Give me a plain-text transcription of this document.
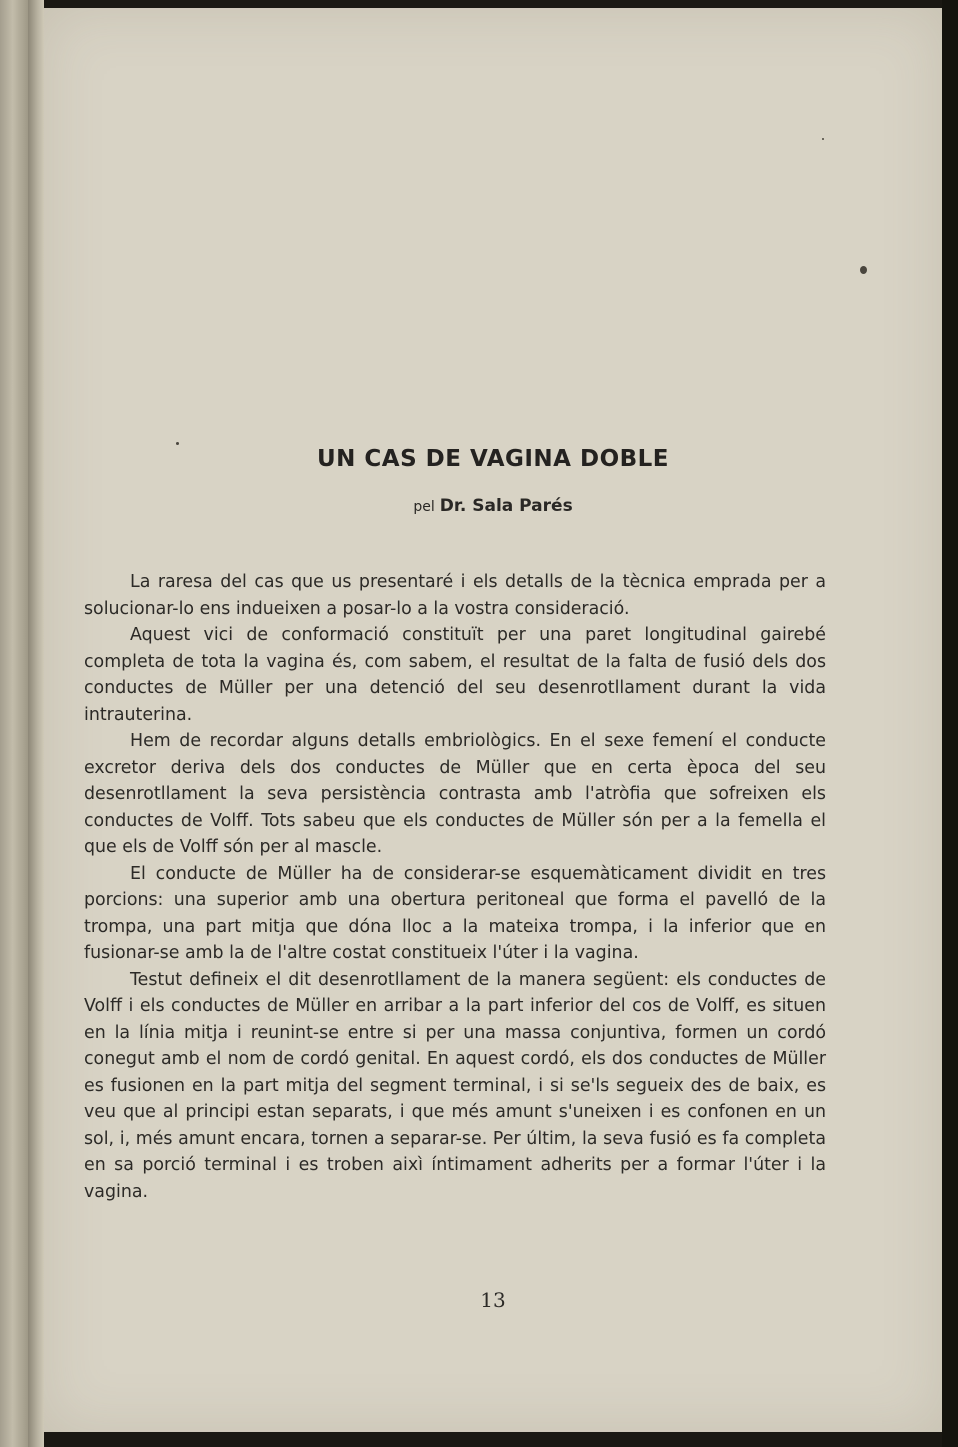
UN CAS DE VAGINA DOBLE
pel Dr. Sala Parés

La raresa del cas que us presentaré i els detalls de la tècnica emprada per a solucionar-lo ens indueixen a posar-lo a la vostra consideració.

Aquest vici de conformació constituït per una paret longitudinal gairebé completa de tota la vagina és, com sabem, el resultat de la falta de fusió dels dos conductes de Müller per una detenció del seu desenrotllament durant la vida intrauterina.

Hem de recordar alguns detalls embriològics. En el sexe femení el conducte excretor deriva dels dos conductes de Müller que en certa època del seu desenrotllament la seva persistència contrasta amb l'atròfia que sofreixen els conductes de Volff. Tots sabeu que els conductes de Müller són per a la femella el que els de Volff són per al mascle.

El conducte de Müller ha de considerar-se esquemàticament dividit en tres porcions: una superior amb una obertura peritoneal que forma el pavelló de la trompa, una part mitja que dóna lloc a la mateixa trompa, i la inferior que en fusionar-se amb la de l'altre costat constitueix l'úter i la vagina.

Testut defineix el dit desenrotllament de la manera següent: els conductes de Volff i els conductes de Müller en arribar a la part inferior del cos de Volff, es situen en la línia mitja i reunint-se entre si per una massa conjuntiva, formen un cordó conegut amb el nom de cordó genital. En aquest cordó, els dos conductes de Müller es fusionen en la part mitja del segment terminal, i si se'ls segueix des de baix, es veu que al principi estan separats, i que més amunt s'uneixen i es confonen en un sol, i, més amunt encara, tornen a separar-se. Per últim, la seva fusió es fa completa en sa porció terminal i es troben aixì íntimament adherits per a formar l'úter i la vagina.

13
